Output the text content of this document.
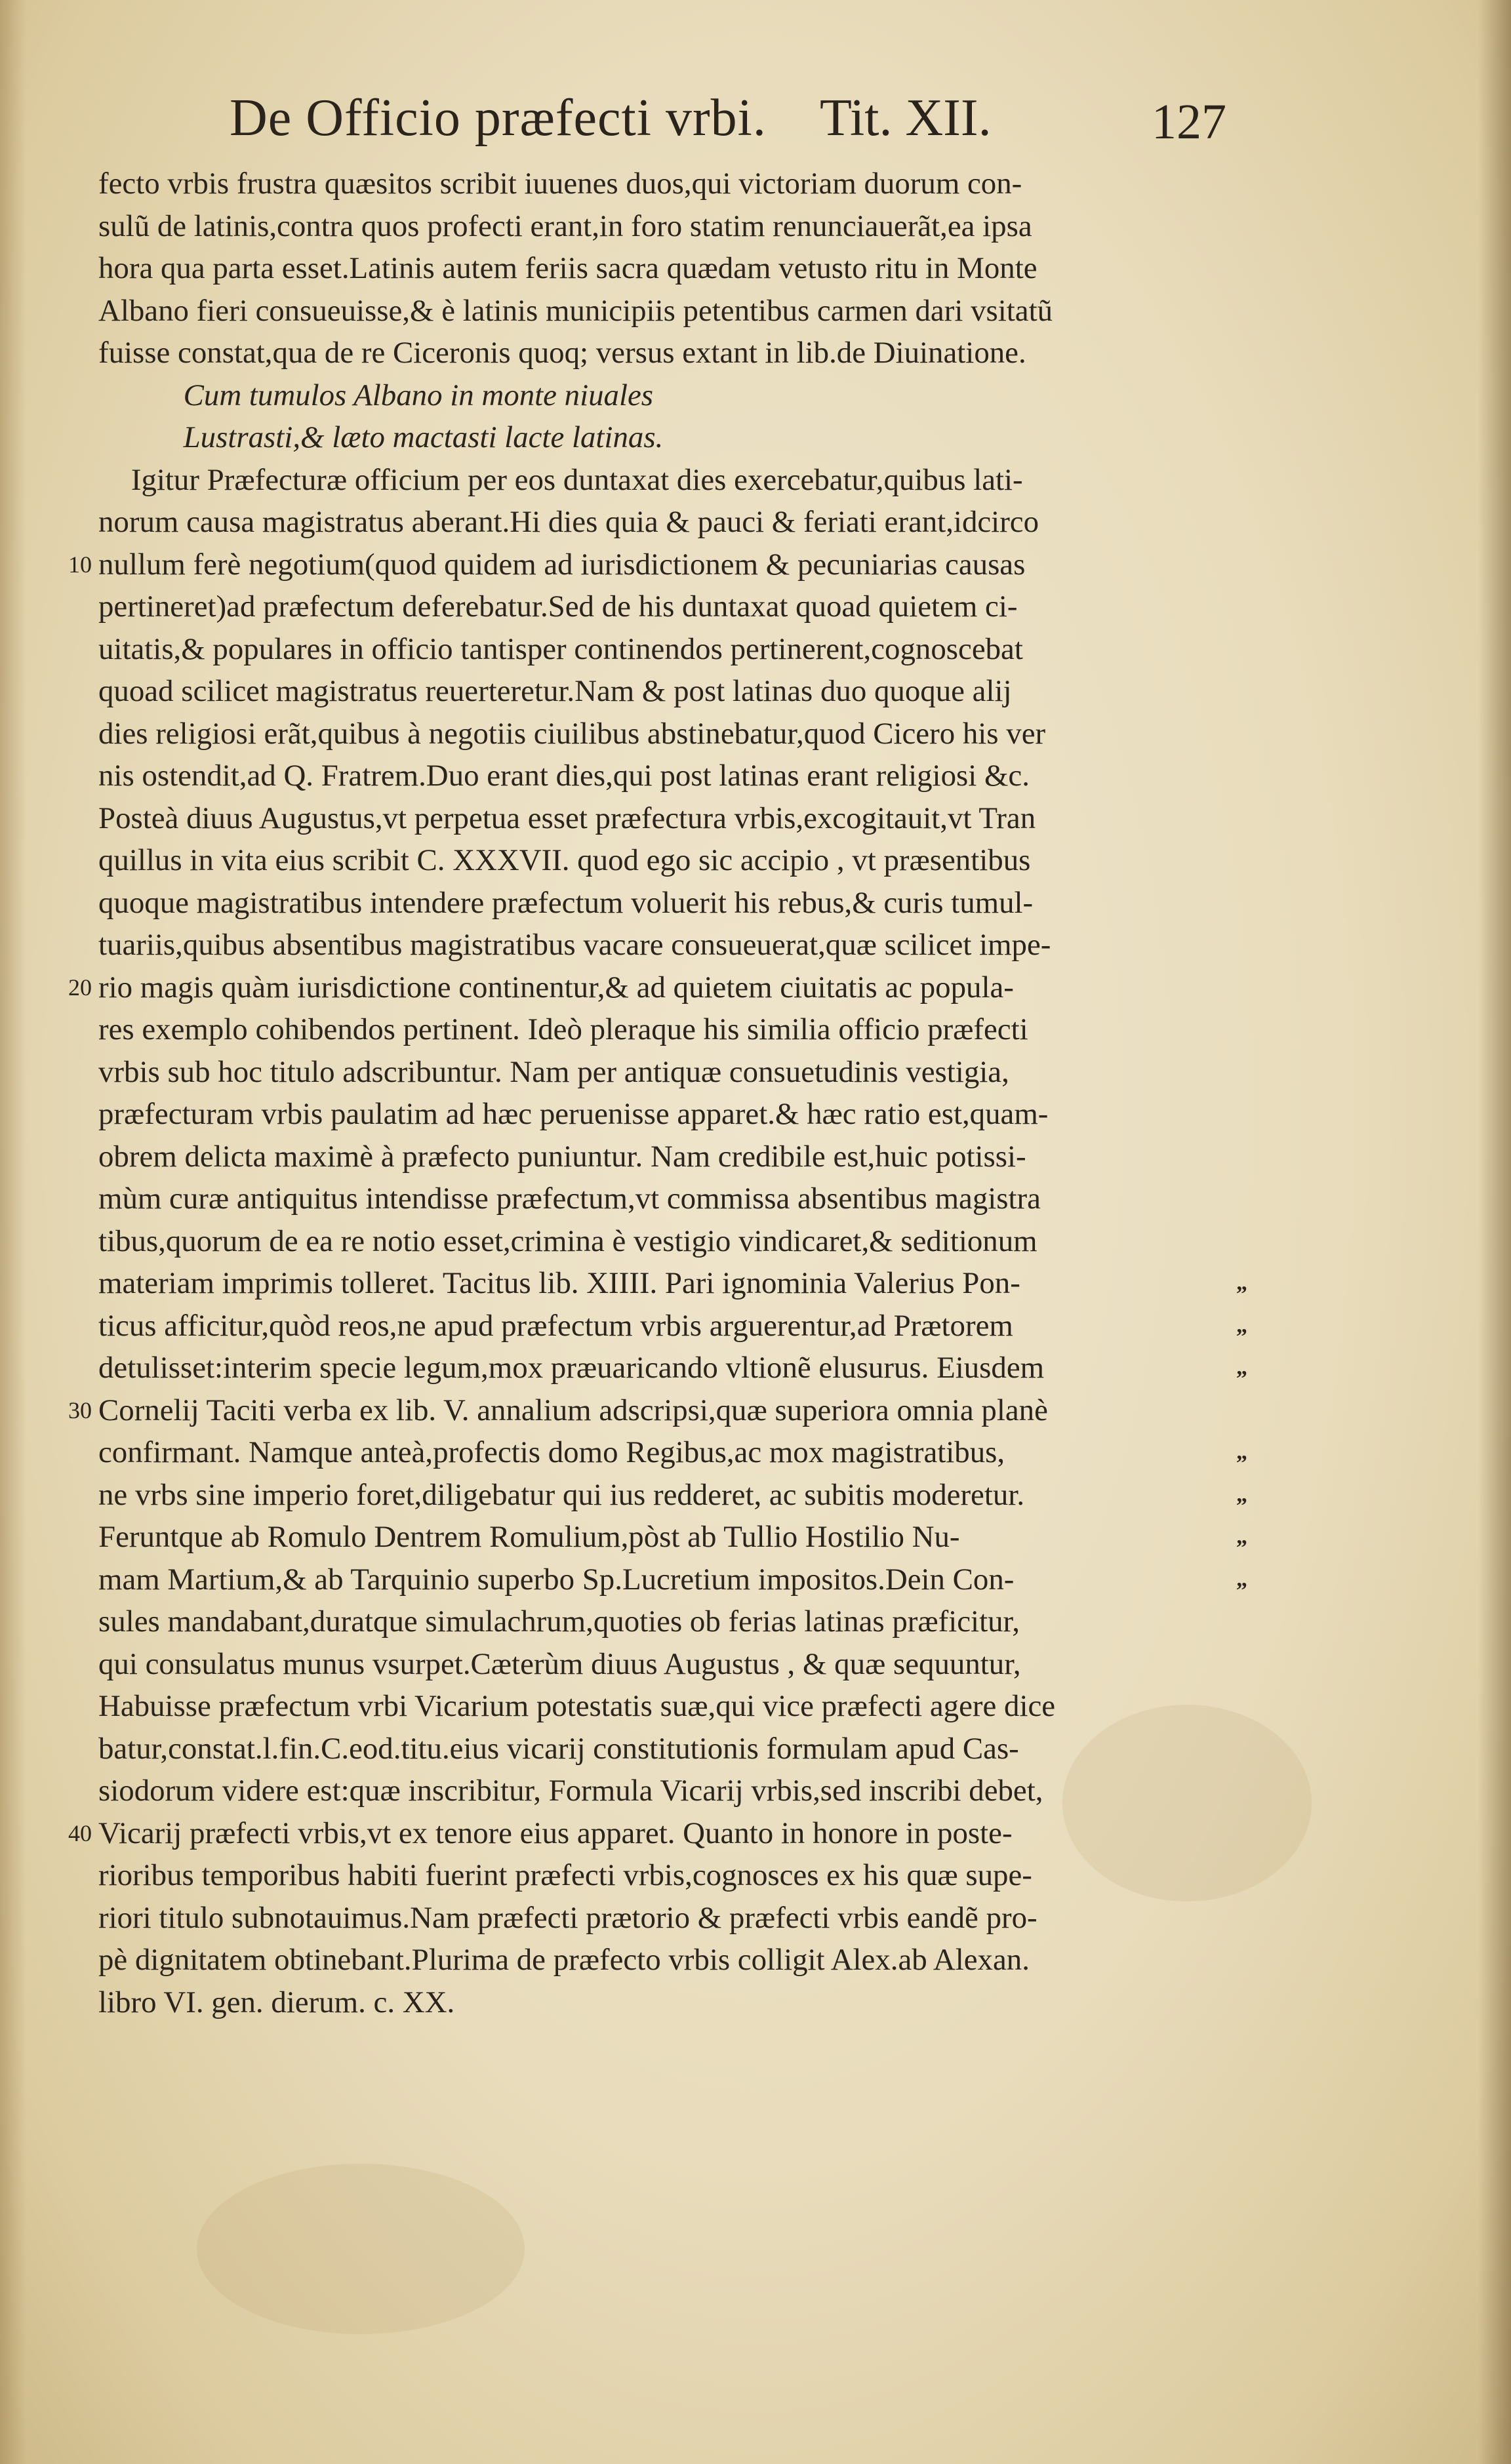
De Officio præfecti vrbi. Tit. XII.	127
fecto vrbis frustra quæsitos scribit iuuenes duos,qui victoriam duorum con-
sulũ de latinis,contra quos profecti erant,in foro statim renunciauerãt,ea ipsa
hora qua parta esset.Latinis autem feriis sacra quædam vetusto ritu in Monte
Albano fieri consueuisse,& è latinis municipiis petentibus carmen dari vsitatũ
fuisse constat,qua de re Ciceronis quoq; versus extant in lib.de Diuinatione.
Cum tumulos Albano in monte niuales
Lustrasti,& læto mactasti lacte latinas.
Igitur Præfecturæ officium per eos duntaxat dies exercebatur,quibus lati-
norum causa magistratus aberant.Hi dies quia & pauci & feriati erant,idcirco
10 nullum ferè negotium(quod quidem ad iurisdictionem & pecuniarias causas
pertineret)ad præfectum deferebatur.Sed de his duntaxat quoad quietem ci-
uitatis,& populares in officio tantisper continendos pertinerent,cognoscebat
quoad scilicet magistratus reuerteretur.Nam & post latinas duo quoque alij
dies religiosi erãt,quibus à negotiis ciuilibus abstinebatur,quod Cicero his ver
nis ostendit,ad Q. Fratrem.Duo erant dies,qui post latinas erant religiosi &c.
Posteà diuus Augustus,vt perpetua esset præfectura vrbis,excogitauit,vt Tran
quillus in vita eius scribit C. XXXVII. quod ego sic accipio , vt præsentibus
quoque magistratibus intendere præfectum voluerit his rebus,& curis tumul-
tuariis,quibus absentibus magistratibus vacare consueuerat,quæ scilicet impe-
20 rio magis quàm iurisdictione continentur,& ad quietem ciuitatis ac popula-
res exemplo cohibendos pertinent. Ideò pleraque his similia officio præfecti
vrbis sub hoc titulo adscribuntur. Nam per antiquæ consuetudinis vestigia,
præfecturam vrbis paulatim ad hæc peruenisse apparet.& hæc ratio est,quam-
obrem delicta maximè à præfecto puniuntur. Nam credibile est,huic potissi-
mùm curæ antiquitus intendisse præfectum,vt commissa absentibus magistra
tibus,quorum de ea re notio esset,crimina è vestigio vindicaret,& seditionum
materiam imprimis tolleret. Tacitus lib. XIIII. Pari ignominia Valerius Pon-	„
ticus afficitur,quòd reos,ne apud præfectum vrbis arguerentur,ad Prætorem	„
detulisset:interim specie legum,mox præuaricando vltionẽ elusurus. Eiusdem	„
30 Cornelij Taciti verba ex lib. V. annalium adscripsi,quæ superiora omnia planè
confirmant. Namque anteà,profectis domo Regibus,ac mox magistratibus,	„
ne vrbs sine imperio foret,diligebatur qui ius redderet, ac subitis moderetur.	„
Feruntque ab Romulo Dentrem Romulium,pòst ab Tullio Hostilio Nu-	„
mam Martium,& ab Tarquinio superbo Sp.Lucretium impositos.Dein Con-	„
sules mandabant,duratque simulachrum,quoties ob ferias latinas præficitur,
qui consulatus munus vsurpet.Cæterùm diuus Augustus , & quæ sequuntur,
Habuisse præfectum vrbi Vicarium potestatis suæ,qui vice præfecti agere dice
batur,constat.l.fin.C.eod.titu.eius vicarij constitutionis formulam apud Cas-
siodorum videre est:quæ inscribitur, Formula Vicarij vrbis,sed inscribi debet,
40 Vicarij præfecti vrbis,vt ex tenore eius apparet. Quanto in honore in poste-
rioribus temporibus habiti fuerint præfecti vrbis,cognosces ex his quæ supe-
riori titulo subnotauimus.Nam præfecti prætorio & præfecti vrbis eandẽ pro-
pè dignitatem obtinebant.Plurima de præfecto vrbis colligit Alex.ab Alexan.
libro VI. gen. dierum. c. XX.
